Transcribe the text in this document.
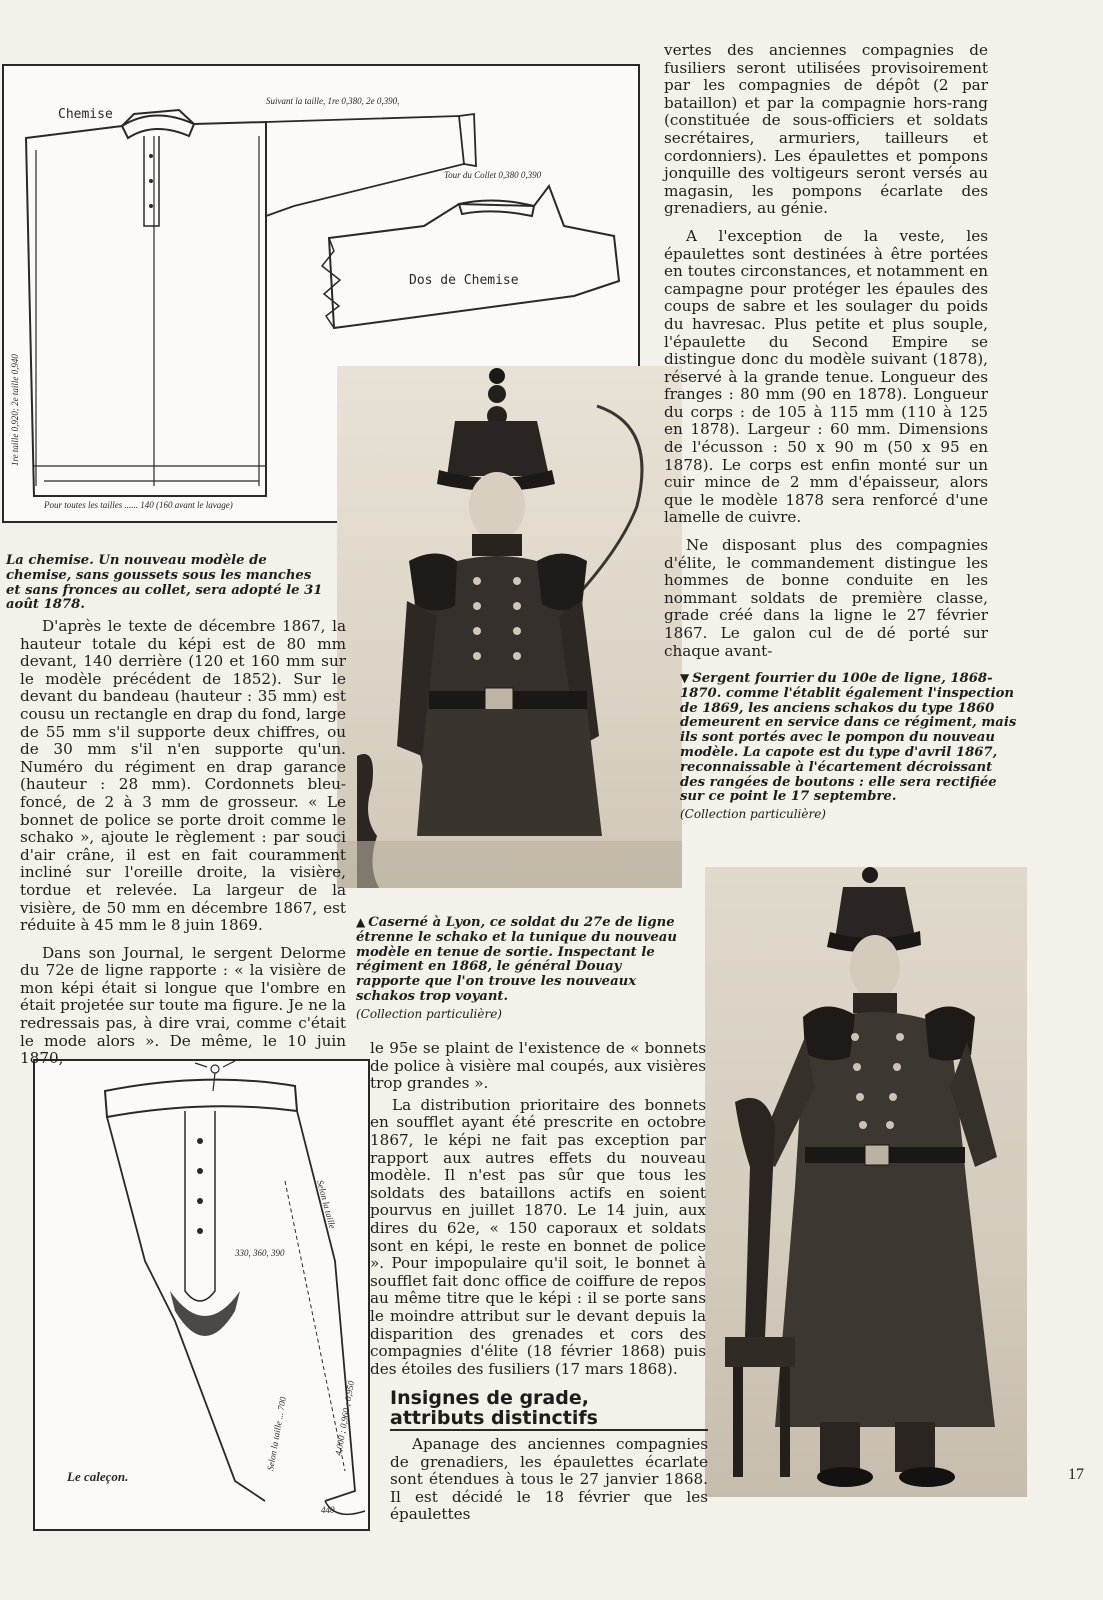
Chemise
Dos de Chemise
Suivant la taille, 1re 0,380, 2e 0,390,
Tour du Collet 0,380 0,390
Pour toutes les tailles ...... 140 (160 avant le lavage)
1re taille 0,920; 2e taille 0,940
Le caleçon.
330, 360, 390
Selon la taille
Selon la taille ... 700	4,000 ; 0,960 ; 0,950
440

La chemise. Un nouveau modèle de chemise, sans goussets sous les manches et sans fronces au collet, sera adopté le 31 août 1878.

▲ Caserné à Lyon, ce soldat du 27e de ligne étrenne le schako et la tunique du nouveau modèle en tenue de sortie. Inspectant le régiment en 1868, le général Douay rapporte que l'on trouve les nouveaux schakos trop voyant.
(Collection particulière)
▼ Sergent fourrier du 100e de ligne, 1868-1870. comme l'établit également l'inspection de 1869, les anciens schakos du type 1860 demeurent en service dans ce régiment, mais ils sont portés avec le pompon du nouveau modèle. La capote est du type d'avril 1867, reconnaissable à l'écartement décroissant des rangées de boutons : elle sera rectifiée sur ce point le 17 septembre.
(Collection particulière)

D'après le texte de décembre 1867, la hauteur totale du képi est de 80 mm devant, 140 derrière (120 et 160 mm sur le modèle précédent de 1852). Sur le devant du bandeau (hauteur : 35 mm) est cousu un rectangle en drap du fond, large de 55 mm s'il supporte deux chiffres, ou de 30 mm s'il n'en supporte qu'un. Numéro du régiment en drap garance (hauteur : 28 mm). Cordonnets bleu-foncé, de 2 à 3 mm de grosseur. « Le bonnet de police se porte droit comme le schako », ajoute le règlement : par souci d'air crâne, il est en fait couramment incliné sur l'oreille droite, la visière, tordue et relevée. La largeur de la visière, de 50 mm en décembre 1867, est réduite à 45 mm le 8 juin 1869.

Dans son Journal, le sergent Delorme du 72e de ligne rapporte : « la visière de mon képi était si longue que l'ombre en était projetée sur toute ma figure. Je ne la redressais pas, à dire vrai, comme c'était le mode alors ». De même, le 10 juin 1870,

le 95e se plaint de l'existence de « bonnets de police à visière mal coupés, aux visières trop grandes ».

La distribution prioritaire des bonnets en soufflet ayant été prescrite en octobre 1867, le képi ne fait pas exception par rapport aux autres effets du nouveau modèle. Il n'est pas sûr que tous les soldats des bataillons actifs en soient pourvus en juillet 1870. Le 14 juin, aux dires du 62e, « 150 caporaux et soldats sont en képi, le reste en bonnet de police ». Pour impopulaire qu'il soit, le bonnet à soufflet fait donc office de coiffure de repos au même titre que le képi : il se porte sans le moindre attribut sur le devant depuis la disparition des grenades et cors des compagnies d'élite (18 février 1868) puis des étoiles des fusiliers (17 mars 1868).

Insignes de grade,

attributs distinctifs

Apanage des anciennes compagnies de grenadiers, les épaulettes écarlate sont étendues à tous le 27 janvier 1868. Il est décidé le 18 février que les épaulettes

vertes des anciennes compagnies de fusiliers seront utilisées provisoirement par les compagnies de dépôt (2 par bataillon) et par la compagnie hors-rang (constituée de sous-officiers et soldats secrétaires, armuriers, tailleurs et cordonniers). Les épaulettes et pompons jonquille des voltigeurs seront versés au magasin, les pompons écarlate des grenadiers, au génie.

A l'exception de la veste, les épaulettes sont destinées à être portées en toutes circonstances, et notamment en campagne pour protéger les épaules des coups de sabre et les soulager du poids du havresac. Plus petite et plus souple, l'épaulette du Second Empire se distingue donc du modèle suivant (1878), réservé à la grande tenue. Longueur des franges : 80 mm (90 en 1878). Longueur du corps : de 105 à 115 mm (110 à 125 en 1878). Largeur : 60 mm. Dimensions de l'écusson : 50 x 90 m (50 x 95 en 1878). Le corps est enfin monté sur un cuir mince de 2 mm d'épaisseur, alors que le modèle 1878 sera renforcé d'une lamelle de cuivre.

Ne disposant plus des compagnies d'élite, le commandement distingue les hommes de bonne conduite en les nommant soldats de première classe, grade créé dans la ligne le 27 février 1867. Le galon cul de dé porté sur chaque avant-

17
